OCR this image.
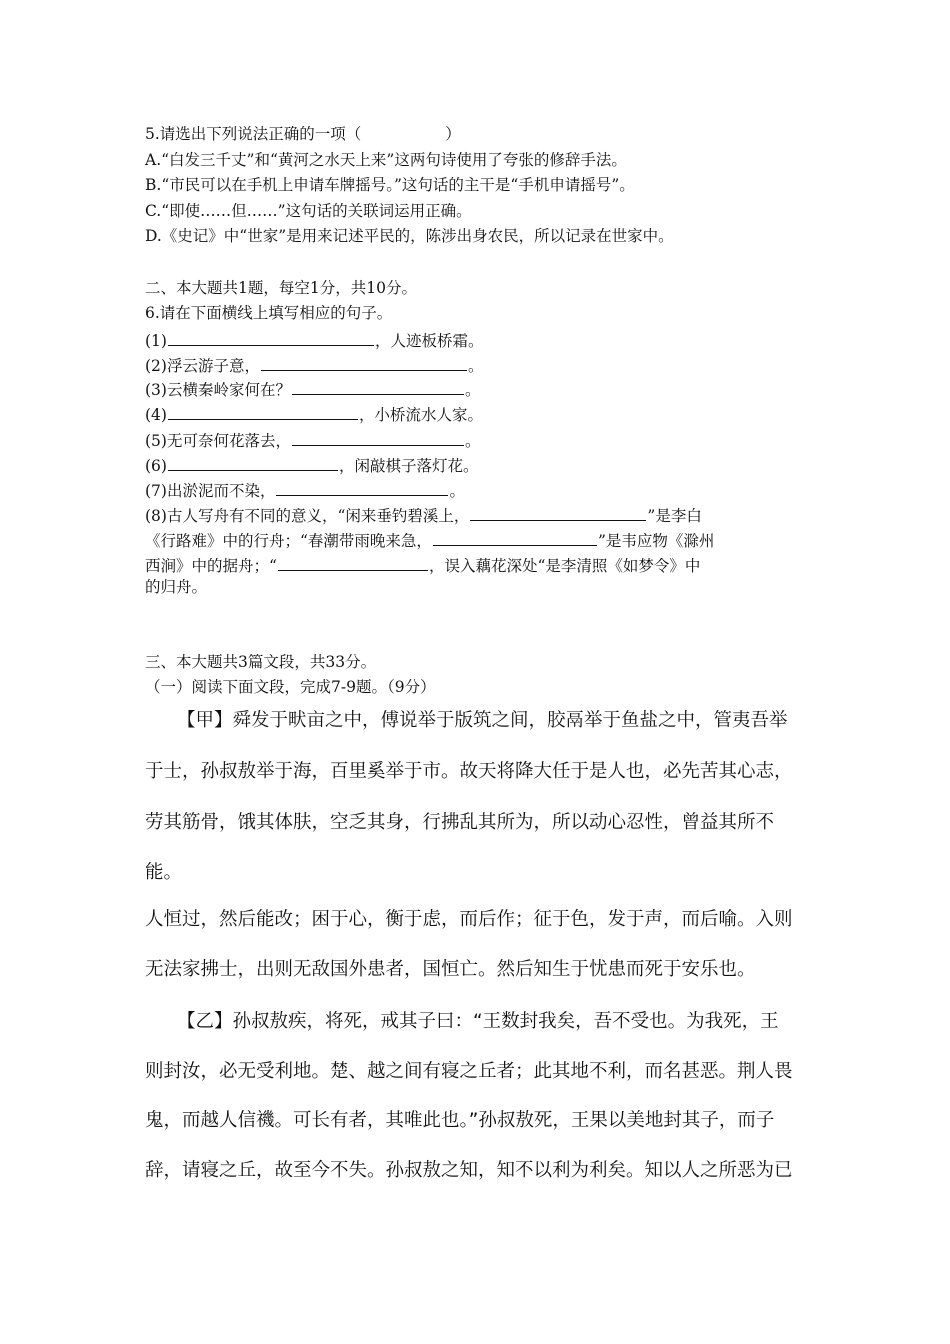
5.请选出下列说法正确的一项（	）
A.“白发三千丈”和“黄河之水天上来”这两句诗使用了夸张的修辞手法。
B.“市民可以在手机上申请车牌摇号。”这句话的主干是“手机申请摇号”。
C.“即使……但……”这句话的关联词运用正确。
D.《史记》中“世家”是用来记述平民的，陈涉出身农民，所以记录在世家中。
二、本大题共1题，每空1分，共10分。
6.请在下面横线上填写相应的句子。
(1)	，人迹板桥霜。
(2)浮云游子意，	。
(3)云横秦岭家何在？	。
(4)	，小桥流水人家。
(5)无可奈何花落去，	。
(6)	，闲敲棋子落灯花。
(7)出淤泥而不染，	。
(8)古人写舟有不同的意义，“闲来垂钓碧溪上，	”是李白
《行路难》中的行舟；“春潮带雨晚来急，	”是韦应物《滁州
西涧》中的据舟；“	，误入藕花深处“是李清照《如梦令》中
的归舟。
三、本大题共3篇文段，共33分。
（一）阅读下面文段，完成7-9题。（9分）
【甲】舜发于畎亩之中，傅说举于版筑之间，胶鬲举于鱼盐之中，管夷吾举
于士，孙叔敖举于海，百里奚举于市。故天将降大任于是人也，必先苦其心志，
劳其筋骨，饿其体肤，空乏其身，行拂乱其所为，所以动心忍性，曾益其所不
能。
人恒过，然后能改；困于心，衡于虑，而后作；征于色，发于声，而后喻。入则
无法家拂士，出则无敌国外患者，国恒亡。然后知生于忧患而死于安乐也。
【乙】孙叔敖疾，将死，戒其子曰：“王数封我矣，吾不受也。为我死，王
则封汝，必无受利地。楚、越之间有寝之丘者；此其地不利，而名甚恶。荆人畏
鬼，而越人信禨。可长有者，其唯此也。”孙叔敖死，王果以美地封其子，而子
辞，请寝之丘，故至今不失。孙叔敖之知，知不以利为利矣。知以人之所恶为已
